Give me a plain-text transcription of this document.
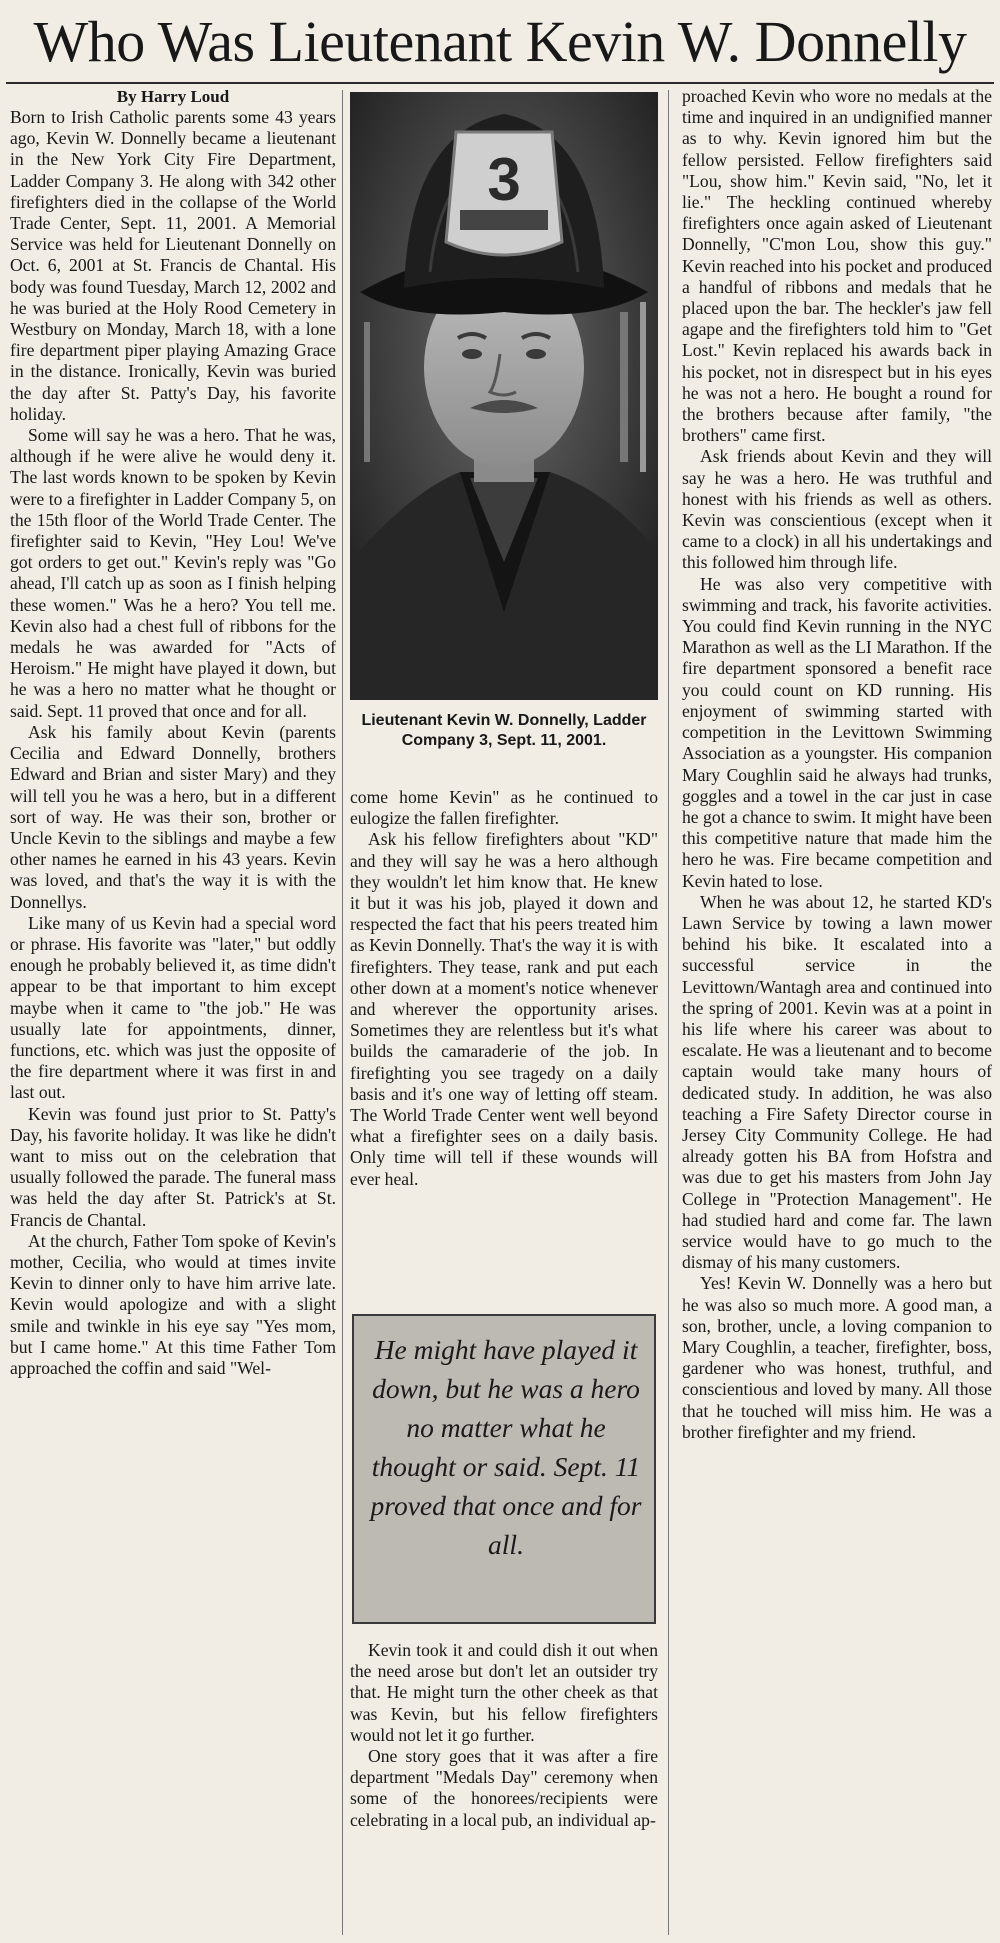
Who Was Lieutenant Kevin W. Donnelly

By Harry Loud

Born to Irish Catholic parents some 43 years ago, Kevin W. Donnelly became a lieutenant in the New York City Fire Department, Ladder Company 3. He along with 342 other firefighters died in the collapse of the World Trade Center, Sept. 11, 2001. A Memorial Service was held for Lieutenant Donnelly on Oct. 6, 2001 at St. Francis de Chantal. His body was found Tuesday, March 12, 2002 and he was buried at the Holy Rood Cemetery in Westbury on Monday, March 18, with a lone fire department piper playing Amazing Grace in the distance. Ironically, Kevin was buried the day after St. Patty's Day, his favorite holiday.

Some will say he was a hero. That he was, although if he were alive he would deny it. The last words known to be spoken by Kevin were to a firefighter in Ladder Company 5, on the 15th floor of the World Trade Center. The firefighter said to Kevin, "Hey Lou! We've got orders to get out." Kevin's reply was "Go ahead, I'll catch up as soon as I finish helping these women." Was he a hero? You tell me. Kevin also had a chest full of ribbons for the medals he was awarded for "Acts of Heroism." He might have played it down, but he was a hero no matter what he thought or said. Sept. 11 proved that once and for all.

Ask his family about Kevin (parents Cecilia and Edward Donnelly, brothers Edward and Brian and sister Mary) and they will tell you he was a hero, but in a different sort of way. He was their son, brother or Uncle Kevin to the siblings and maybe a few other names he earned in his 43 years. Kevin was loved, and that's the way it is with the Donnellys.

Like many of us Kevin had a special word or phrase. His favorite was "later," but oddly enough he probably believed it, as time didn't appear to be that important to him except maybe when it came to "the job." He was usually late for appointments, dinner, functions, etc. which was just the opposite of the fire department where it was first in and last out.

Kevin was found just prior to St. Patty's Day, his favorite holiday. It was like he didn't want to miss out on the celebration that usually followed the parade. The funeral mass was held the day after St. Patrick's at St. Francis de Chantal.

At the church, Father Tom spoke of Kevin's mother, Cecilia, who would at times invite Kevin to dinner only to have him arrive late. Kevin would apologize and with a slight smile and twinkle in his eye say "Yes mom, but I came home." At this time Father Tom approached the coffin and said "Wel-

3
Lieutenant Kevin W. Donnelly, Ladder Company 3, Sept. 11, 2001.

come home Kevin" as he continued to eulogize the fallen firefighter.

Ask his fellow firefighters about "KD" and they will say he was a hero although they wouldn't let him know that. He knew it but it was his job, played it down and respected the fact that his peers treated him as Kevin Donnelly. That's the way it is with firefighters. They tease, rank and put each other down at a moment's notice whenever and wherever the opportunity arises. Sometimes they are relentless but it's what builds the camaraderie of the job. In firefighting you see tragedy on a daily basis and it's one way of letting off steam. The World Trade Center went well beyond what a firefighter sees on a daily basis. Only time will tell if these wounds will ever heal.

He might have played it down, but he was a hero no matter what he thought or said. Sept. 11 proved that once and for all.

Kevin took it and could dish it out when the need arose but don't let an outsider try that. He might turn the other cheek as that was Kevin, but his fellow firefighters would not let it go further.

One story goes that it was after a fire department "Medals Day" ceremony when some of the honorees/recipients were celebrating in a local pub, an individual ap-

proached Kevin who wore no medals at the time and inquired in an undignified manner as to why. Kevin ignored him but the fellow persisted. Fellow firefighters said "Lou, show him." Kevin said, "No, let it lie." The heckling continued whereby firefighters once again asked of Lieutenant Donnelly, "C'mon Lou, show this guy." Kevin reached into his pocket and produced a handful of ribbons and medals that he placed upon the bar. The heckler's jaw fell agape and the firefighters told him to "Get Lost." Kevin replaced his awards back in his pocket, not in disrespect but in his eyes he was not a hero. He bought a round for the brothers because after family, "the brothers" came first.

Ask friends about Kevin and they will say he was a hero. He was truthful and honest with his friends as well as others. Kevin was conscientious (except when it came to a clock) in all his undertakings and this followed him through life.

He was also very competitive with swimming and track, his favorite activities. You could find Kevin running in the NYC Marathon as well as the LI Marathon. If the fire department sponsored a benefit race you could count on KD running. His enjoyment of swimming started with competition in the Levittown Swimming Association as a youngster. His companion Mary Coughlin said he always had trunks, goggles and a towel in the car just in case he got a chance to swim. It might have been this competitive nature that made him the hero he was. Fire became competition and Kevin hated to lose.

When he was about 12, he started KD's Lawn Service by towing a lawn mower behind his bike. It escalated into a successful service in the Levittown/Wantagh area and continued into the spring of 2001. Kevin was at a point in his life where his career was about to escalate. He was a lieutenant and to become captain would take many hours of dedicated study. In addition, he was also teaching a Fire Safety Director course in Jersey City Community College. He had already gotten his BA from Hofstra and was due to get his masters from John Jay College in "Protection Management". He had studied hard and come far. The lawn service would have to go much to the dismay of his many customers.

Yes! Kevin W. Donnelly was a hero but he was also so much more. A good man, a son, brother, uncle, a loving companion to Mary Coughlin, a teacher, firefighter, boss, gardener who was honest, truthful, and conscientious and loved by many. All those that he touched will miss him. He was a brother firefighter and my friend.
